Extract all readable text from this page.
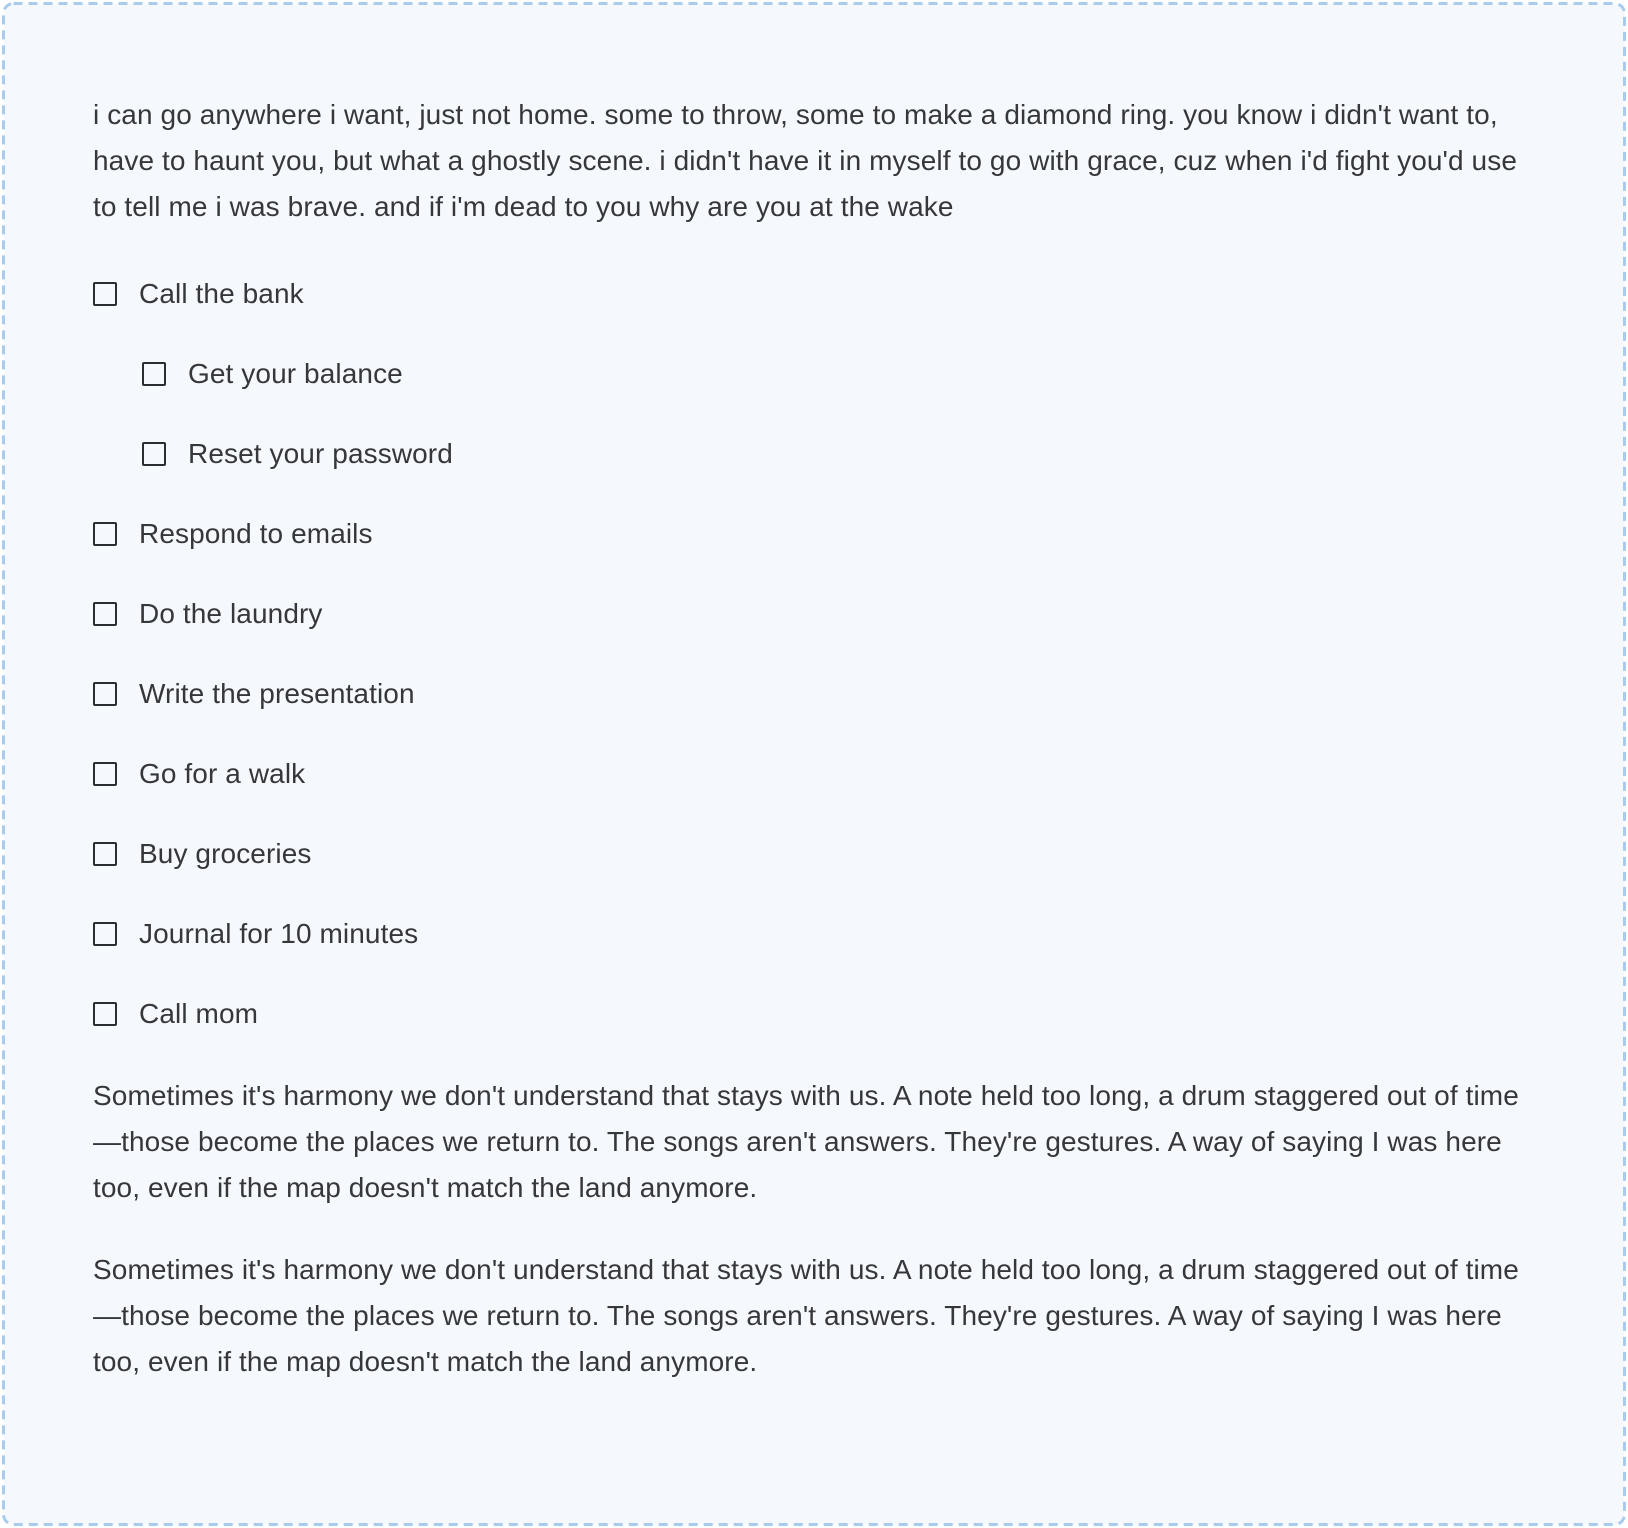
i can go anywhere i want, just not home. some to throw, some to make a diamond ring. you know i didn't want to, have to haunt you, but what a ghostly scene. i didn't have it in myself to go with grace, cuz when i'd fight you'd use to tell me i was brave. and if i'm dead to you why are you at the wake

Call the bank
Get your balance
Reset your password
Respond to emails
Do the laundry
Write the presentation
Go for a walk
Buy groceries
Journal for 10 minutes
Call mom

Sometimes it's harmony we don't understand that stays with us. A note held too long, a drum staggered out of time—those become the places we return to. The songs aren't answers. They're gestures. A way of saying I was here too, even if the map doesn't match the land anymore.

Sometimes it's harmony we don't understand that stays with us. A note held too long, a drum staggered out of time—those become the places we return to. The songs aren't answers. They're gestures. A way of saying I was here too, even if the map doesn't match the land anymore.
